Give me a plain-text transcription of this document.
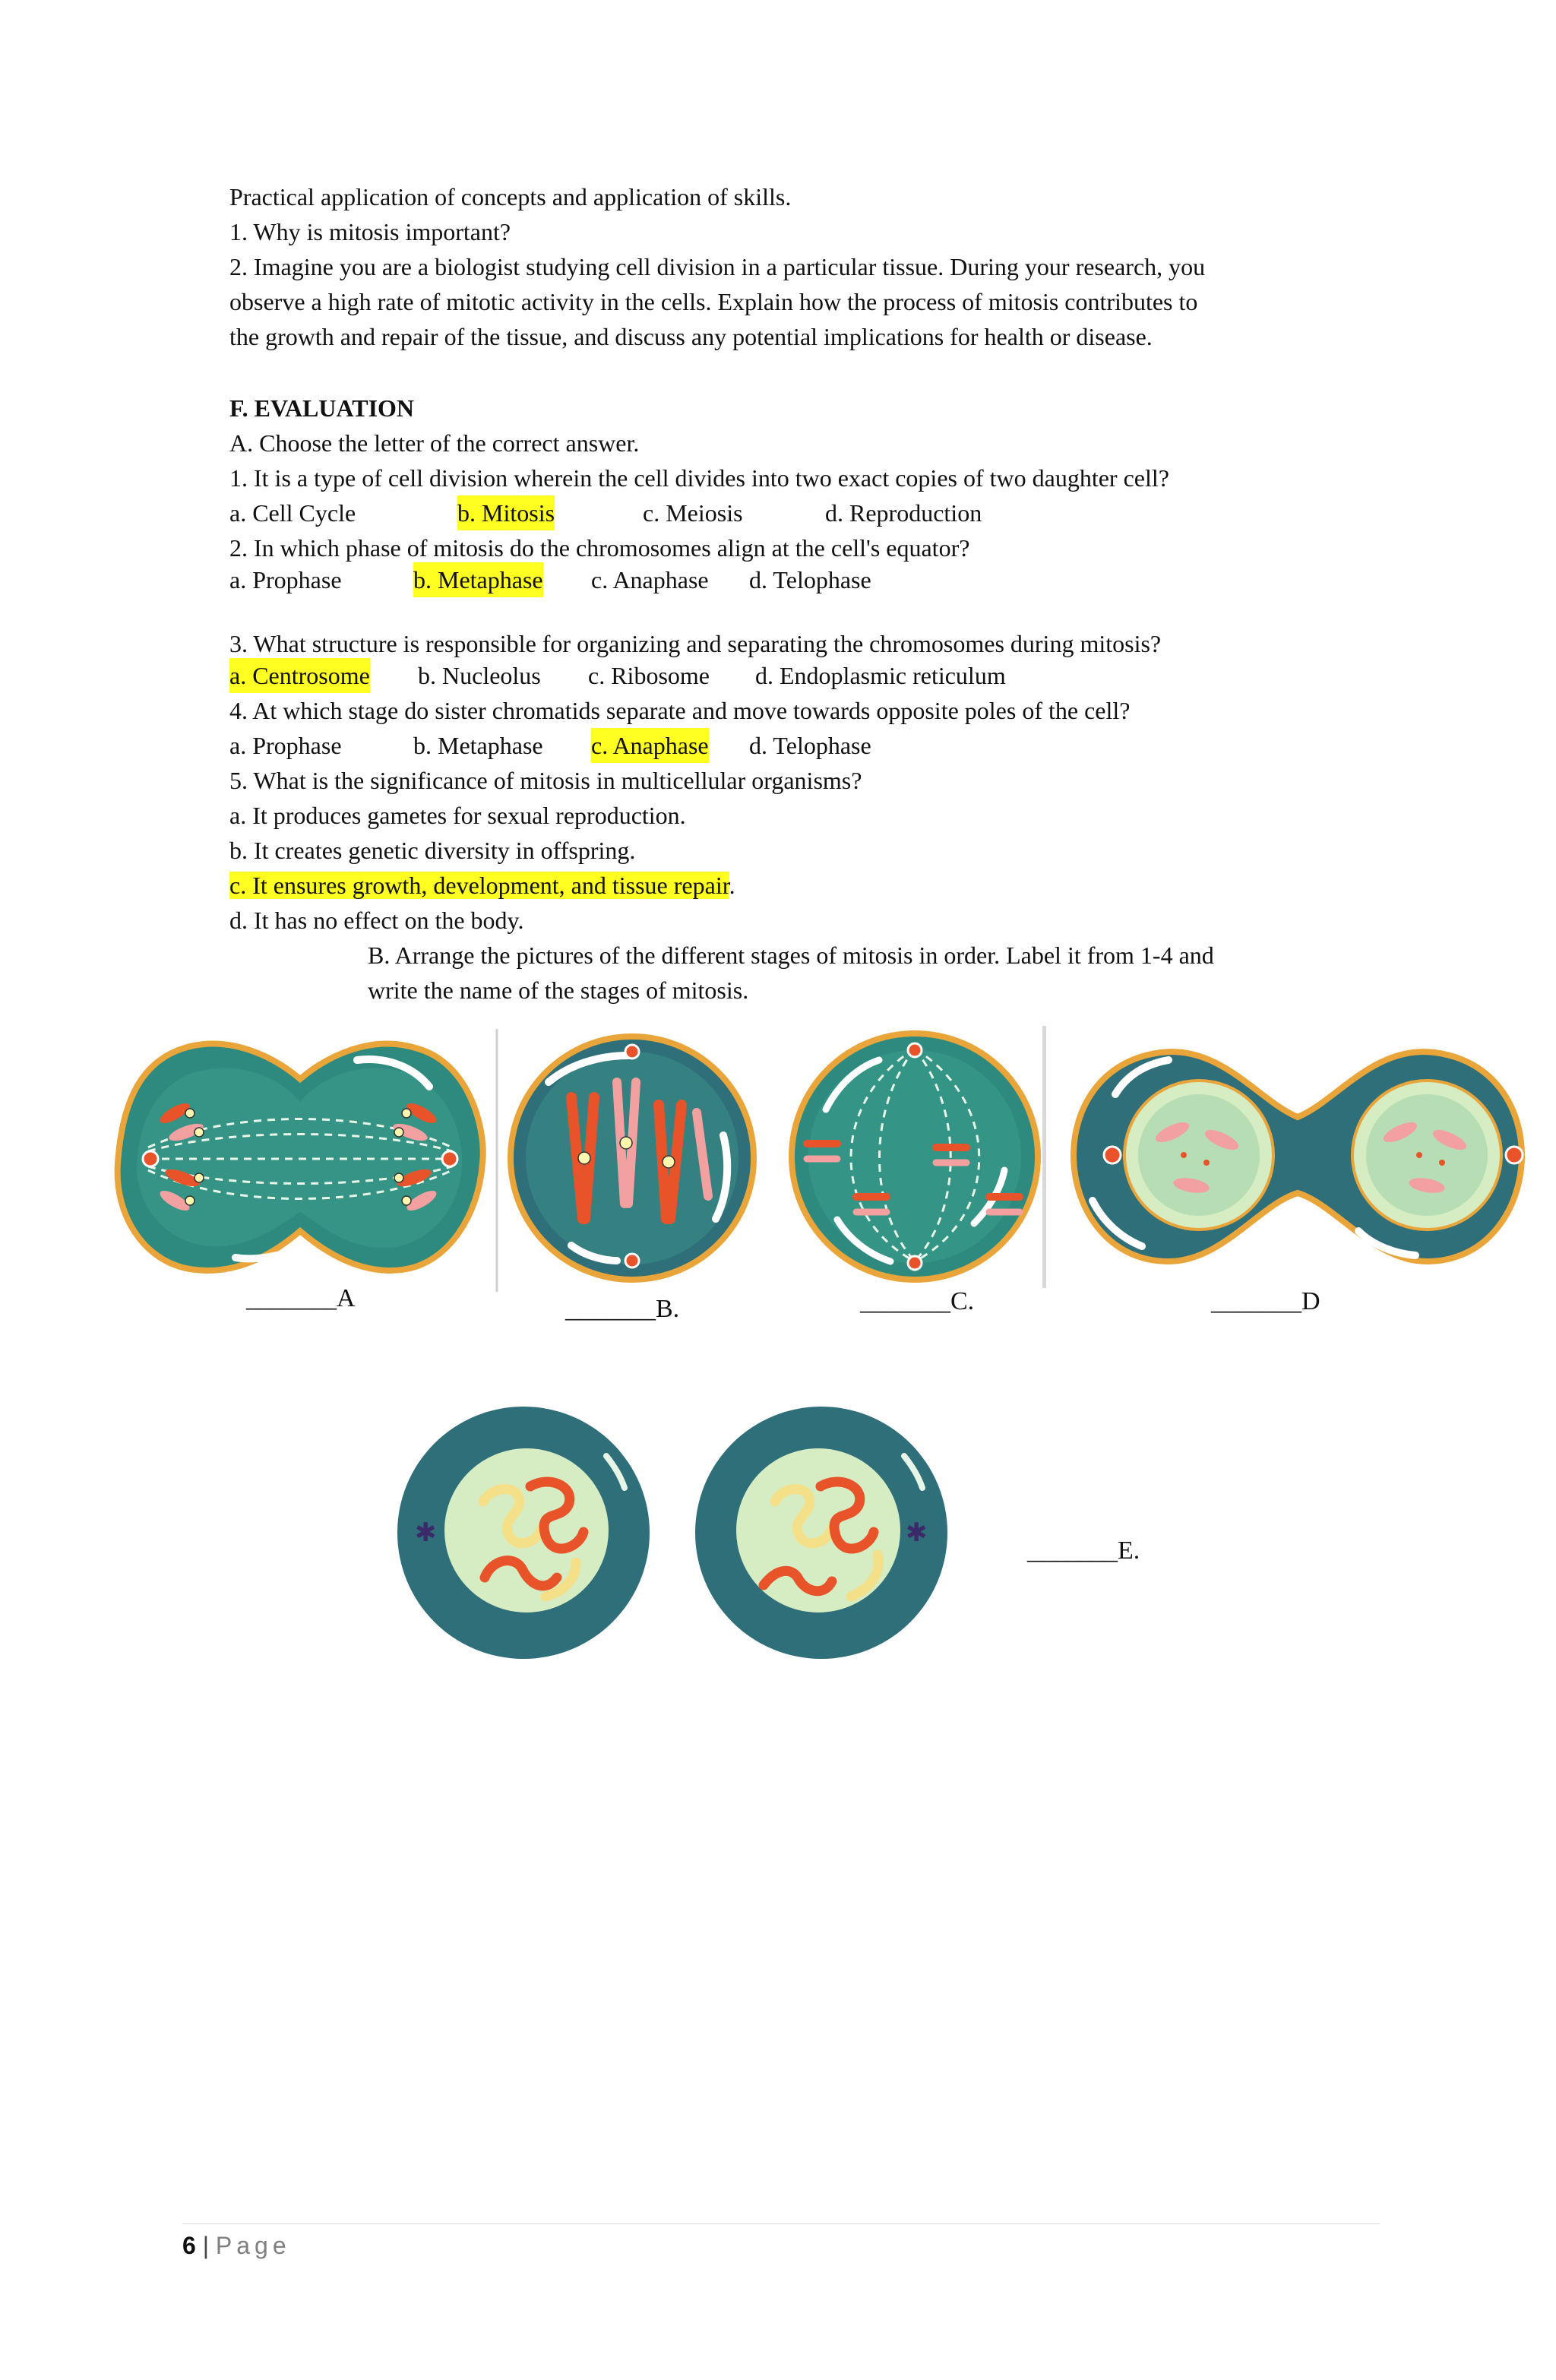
Practical application of concepts and application of skills.
1. Why is mitosis important?
2. Imagine you are a biologist studying cell division in a particular tissue. During your research, you
observe a high rate of mitotic activity in the cells. Explain how the process of mitosis contributes to
the growth and repair of the tissue, and discuss any potential implications for health or disease.
F. EVALUATION
A. Choose the letter of the correct answer.
1. It is a type of cell division wherein the cell divides into two exact copies of two daughter cell?
a. Cell Cycle	b. Mitosis	c. Meiosis	d. Reproduction
2. In which phase of mitosis do the chromosomes align at the cell's equator?
a. Prophase	b. Metaphase c. Anaphase d. Telophase
3. What structure is responsible for organizing and separating the chromosomes during mitosis?
a. Centrosome b. Nucleolus c. Ribosome d. Endoplasmic reticulum
4. At which stage do sister chromatids separate and move towards opposite poles of the cell?
a. Prophase	b. Metaphase c. Anaphase d. Telophase
5. What is the significance of mitosis in multicellular organisms?
a. It produces gametes for sexual reproduction.
b. It creates genetic diversity in offspring.
c. It ensures growth, development, and tissue repair.
d. It has no effect on the body.
B. Arrange the pictures of the different stages of mitosis in order. Label it from 1-4 and
write the name of the stages of mitosis.
_______A	_______B.	_______C.	_______D
✱	✱
_______E.
6 | Page
